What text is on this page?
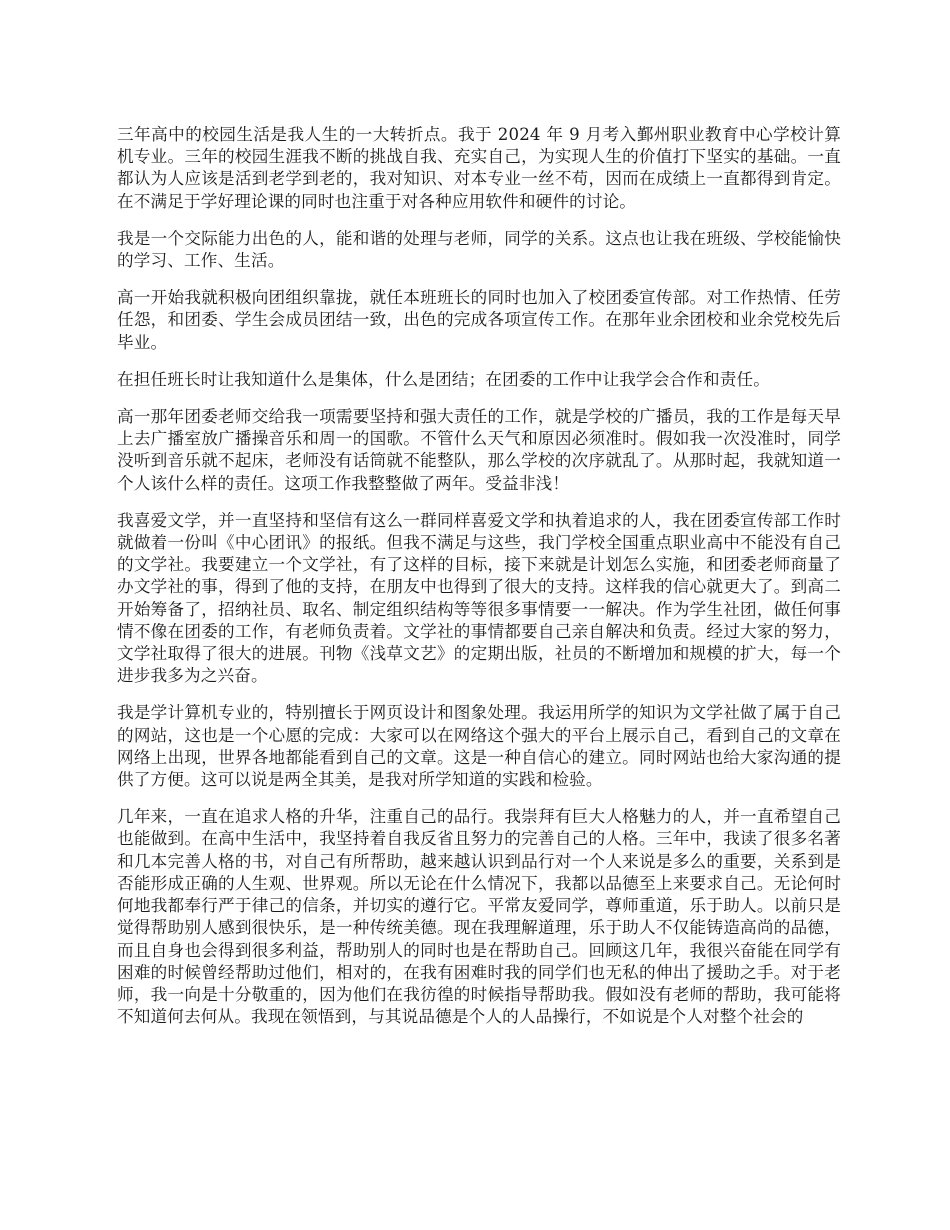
三年高中的校园生活是我人生的一大转折点。我于 2024 年 9 月考入鄞州职业教育中心学校计算机专业。三年的校园生涯我不断的挑战自我、充实自己，为实现人生的价值打下坚实的基础。一直都认为人应该是活到老学到老的，我对知识、对本专业一丝不苟，因而在成绩上一直都得到肯定。在不满足于学好理论课的同时也注重于对各种应用软件和硬件的讨论。

我是一个交际能力出色的人，能和谐的处理与老师，同学的关系。这点也让我在班级、学校能愉快的学习、工作、生活。

高一开始我就积极向团组织靠拢，就任本班班长的同时也加入了校团委宣传部。对工作热情、任劳任怨，和团委、学生会成员团结一致，出色的完成各项宣传工作。在那年业余团校和业余党校先后毕业。

在担任班长时让我知道什么是集体，什么是团结；在团委的工作中让我学会合作和责任。

高一那年团委老师交给我一项需要坚持和强大责任的工作，就是学校的广播员，我的工作是每天早上去广播室放广播操音乐和周一的国歌。不管什么天气和原因必须准时。假如我一次没准时，同学没听到音乐就不起床，老师没有话筒就不能整队，那么学校的次序就乱了。从那时起，我就知道一个人该什么样的责任。这项工作我整整做了两年。受益非浅！

我喜爱文学，并一直坚持和坚信有这么一群同样喜爱文学和执着追求的人，我在团委宣传部工作时就做着一份叫《中心团讯》的报纸。但我不满足与这些，我门学校全国重点职业高中不能没有自己的文学社。我要建立一个文学社，有了这样的目标，接下来就是计划怎么实施，和团委老师商量了办文学社的事，得到了他的支持，在朋友中也得到了很大的支持。这样我的信心就更大了。到高二开始筹备了，招纳社员、取名、制定组织结构等等很多事情要一一解决。作为学生社团，做任何事情不像在团委的工作，有老师负责着。文学社的事情都要自己亲自解决和负责。经过大家的努力，文学社取得了很大的进展。刊物《浅草文艺》的定期出版，社员的不断增加和规模的扩大，每一个进步我多为之兴奋。

我是学计算机专业的，特别擅长于网页设计和图象处理。我运用所学的知识为文学社做了属于自己的网站，这也是一个心愿的完成：大家可以在网络这个强大的平台上展示自己，看到自己的文章在网络上出现，世界各地都能看到自己的文章。这是一种自信心的建立。同时网站也给大家沟通的提供了方便。这可以说是两全其美，是我对所学知道的实践和检验。

几年来，一直在追求人格的升华，注重自己的品行。我崇拜有巨大人格魅力的人，并一直希望自己也能做到。在高中生活中，我坚持着自我反省且努力的完善自己的人格。三年中，我读了很多名著和几本完善人格的书，对自己有所帮助，越来越认识到品行对一个人来说是多么的重要，关系到是否能形成正确的人生观、世界观。所以无论在什么情况下，我都以品德至上来要求自己。无论何时何地我都奉行严于律己的信条，并切实的遵行它。平常友爱同学，尊师重道，乐于助人。以前只是觉得帮助别人感到很快乐，是一种传统美德。现在我理解道理，乐于助人不仅能铸造高尚的品德，而且自身也会得到很多利益，帮助别人的同时也是在帮助自己。回顾这几年，我很兴奋能在同学有困难的时候曾经帮助过他们，相对的，在我有困难时我的同学们也无私的伸出了援助之手。对于老师，我一向是十分敬重的，因为他们在我彷徨的时候指导帮助我。假如没有老师的帮助，我可能将不知道何去何从。我现在领悟到，与其说品德是个人的人品操行，不如说是个人对整个社会的
